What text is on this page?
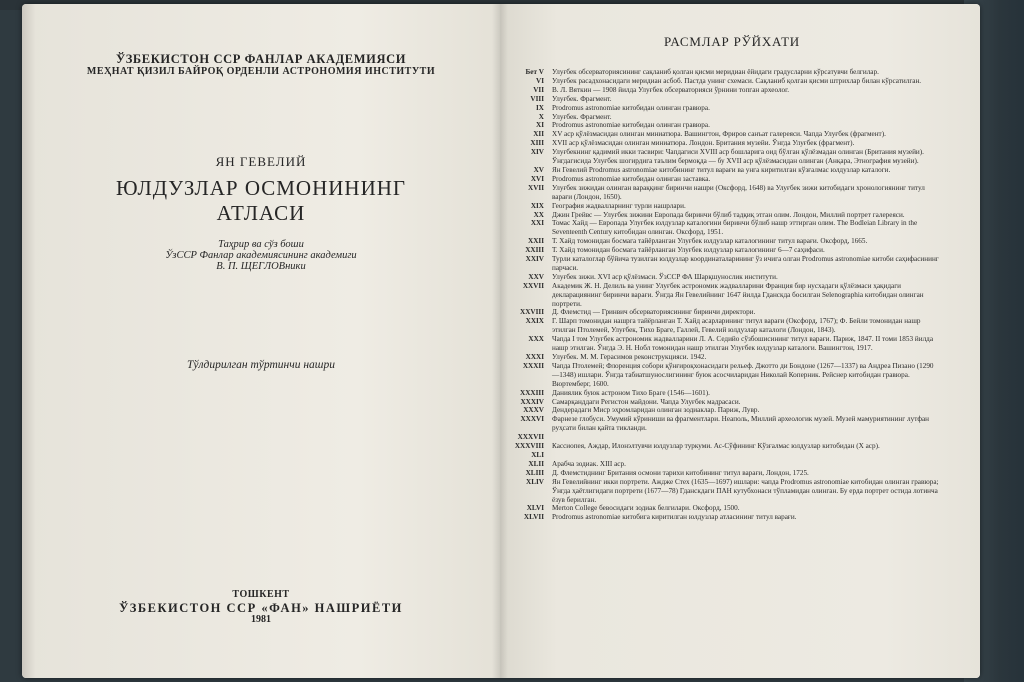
ЎЗБЕКИСТОН ССР ФАНЛАР АКАДЕМИЯСИ
МЕҲНАТ ҚИЗИЛ БАЙРОҚ ОРДЕНЛИ АСТРОНОМИЯ ИНСТИТУТИ
ЯН ГЕВЕЛИЙ
ЮЛДУЗЛАР ОСМОНИНИНГ
АТЛАСИ
Таҳрир ва сўз боши
ЎзССР Фанлар академиясининг академиги
В. П. ЩЕГЛОВники
Тўлдирилган тўртинчи нашри
ТОШКЕНТ
ЎЗБЕКИСТОН ССР «ФАН» НАШРИЁТИ
1981
РАСМЛАР РЎЙХАТИ
Бет V	Улуғбек обсерваториясининг сақланиб қолган қисми меридиан ёйидаги градусларни кўрсатувчи белгилар.
VI	Улуғбек расадхонасидаги меридиан асбоб. Пастда унинг схемаси. Сақланиб қолган қисми штрихлар билан кўрсатилган.
VII	В. Л. Вяткин — 1908 йилда Улуғбек обсерваторияси ўрнини топган археолог.
VIII	Улуғбек. Фрагмент.
IX	Prodromus astronomiae китобидан олинган гравюра.
X	Улуғбек. Фрагмент.
XI	Prodromus astronomiae китобидан олинган гравюра.
XII	XV аср қўлёзмасидан олинган миниатюра. Вашингтон, Фриров санъат галереяси. Чапда Улуғбек (фрагмент).
XIII	XVII аср қўлёзмасидан олинган миниатюра. Лондон. Британия музейи. Ўнгда Улуғбек (фрагмент).
XIV	Улуғбекнинг қадимий икки тасвири: Чапдагиси XVIII аср бошларига оид бўлган қўлёзмадан олинган (Британия музейи). Ўнгдагисида Улуғбек шогирдига таълим бермоқда — бу XVII аср қўлёзмасидан олинган (Анқара, Этнография музейи).
XV	Ян Гевелий Prodromus astronomiae китобининг титул варағи ва унга киритилган кўзғалмас юлдузлар каталоги.
XVI	Prodromus astronomiae китобидан олинган заставка.
XVII	Улуғбек зижидан олинган вараққинг биринчи нашри (Оксфорд, 1648) ва Улуғбек зижи китобидаги хронологиянинг титул варағи (Лондон, 1650).
XIX	География жадвалларнинг турли нашрлари.
XX	Джин Грейвс — Улуғбек зижини Европада биринчи бўлиб тадқиқ этган олим. Лондон, Миллий портрет галереяси.
XXI	Томас Хайд — Европада Улуғбек юлдузлар каталогини биринчи бўлиб нашр эттирган олим. The Bodleian Library in the Seventeenth Century китобидан олинган. Оксфорд, 1951.
XXII	Т. Хайд томонидан босмага тайёрланган Улуғбек юлдузлар каталогининг титул варағи. Оксфорд, 1665.
XXIII	Т. Хайд томонидан босмага тайёрланган Улуғбек юлдузлар каталогининг 6—7 саҳифаси.
XXIV	Турли каталоглар бўйича тузилган юлдузлар координаталарининг ўз ичига олган Prodromus astronomiae китоби саҳифасининг парчаси.
XXV	Улуғбек зижи. XVI аср қўлёзмаси. ЎзССР ФА Шарқшунослик институти.
XXVII	Академик Ж. Н. Делиль ва унинг Улуғбек астрономик жадвалларини Франция бир нусхадаги қўлёзмаси ҳақидаги декларациянинг биринчи варағи. Ўнгда Ян Гевелийнинг 1647 йилда Гданскда босилган Selenographia китобидан олинган портрети.
XXVIII	Д. Флемстид — Гринвич обсерваториясининг биринчи директори.
XXIX	Г. Шарп томонидан нашрга тайёрланган Т. Хайд асарларининг титул варағи (Оксфорд, 1767); Ф. Бейли томонидан нашр этилган Птолемей, Улуғбек, Тихо Браге, Галлей, Гевелий юлдузлар каталоги (Лондон, 1843).
XXX	Чапда I том Улуғбек астрономик жадвалларини Л. А. Седийо сўзбошисининг титул варағи. Париж, 1847. II томи 1853 йилда нашр этилган. Ўнгда Э. Н. Нобл томонидан нашр этилган Улуғбек юлдузлар каталоги. Вашингтон, 1917.
XXXI	Улуғбек. М. М. Герасимов реконструкцияси. 1942.
XXXII	Чапда Птолемей; Флоренция собори қўнғироқхонасидаги рельеф. Джотто ди Бондоне (1267—1337) ва Андреа Пизано (1290—1348) ишлари. Ўнгда табиатшунослигининг буюк асосчиларидан Николай Коперник. Рейснер китобидан гравюра. Вюртемберг, 1600.
XXXIII	Даниялик буюк астроном Тихо Браге (1546—1601).
XXXIV	Самарқанддаги Регистон майдони. Чапда Улуғбек мадрасаси.
XXXV	Дендерадаги Миср эҳромларидан олинган зодиаклар. Париж, Лувр.
XXXVI	Фарнезе глобуси. Умумий кўриниши ва фрагментлари. Неаполь, Миллий археологик музей. Музей мамуриятининг лутфан руҳсати билан қайта тикланди.
XXXVII
XXXVIII	Кассиопея, Аждар, Илонэлтувчи юлдузлар туркуми. Ас-Сўфининг Кўзғалмас юлдузлар китобидан (Х аср).
XLI
XLII	Арабча зодиак. XIII аср.
XLIII	Д. Флемстиднинг Британия осмони тарихи китобининг титул варағи, Лондон, 1725.
XLIV	Ян Гевелийнинг икки портрети. Аждже Стех (1635—1697) ишлари: чапда Prodromus astronomiae китобидан олинган гравюра; Ўнгда ҳаётлигидаги портрети (1677—78) Гданскдаги ПАН кутубхонаси тўпламидан олинган. Бу ерда портрет остида лотинча ёзув берилган.
XLVI	Merton College бевосидаги зодиак белгилари. Оксфорд, 1500.
XLVII	Prodromus astronomiae китобига киритилган юлдузлар атласининг титул варағи.
